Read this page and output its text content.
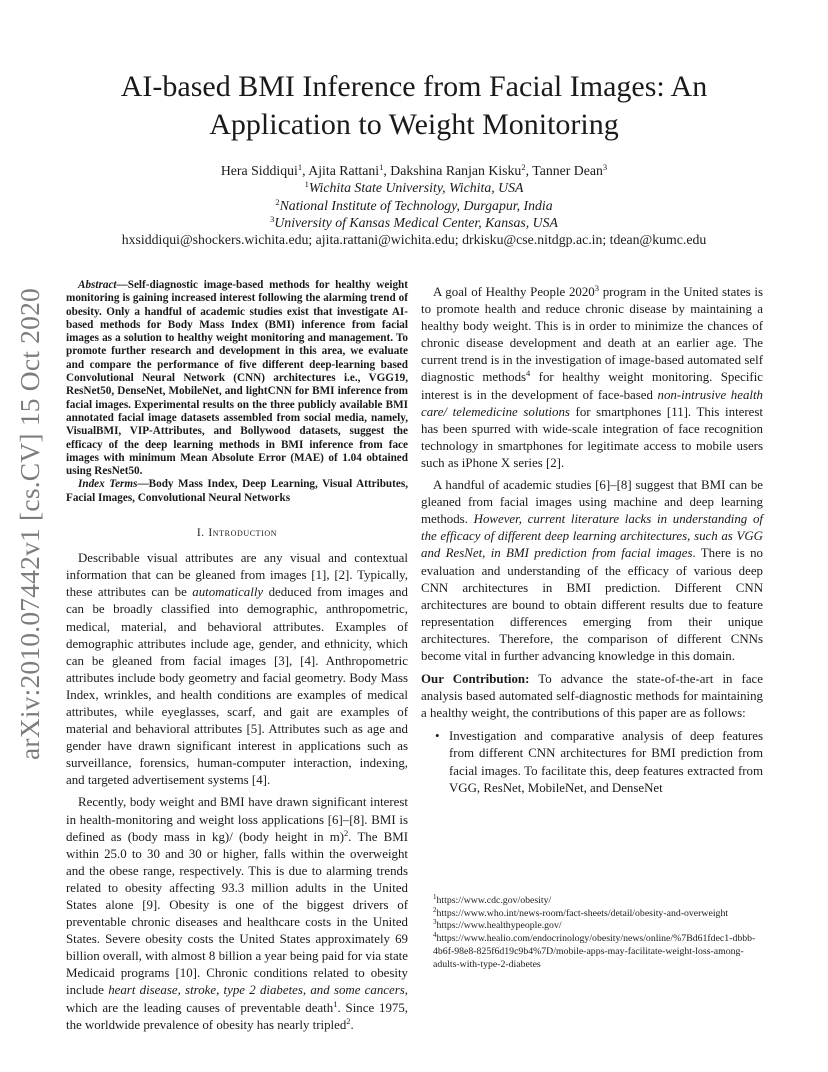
arXiv:2010.07442v1 [cs.CV] 15 Oct 2020
AI-based BMI Inference from Facial Images: An
Application to Weight Monitoring
Hera Siddiqui$^1$, Ajita Rattani$^1$, Dakshina Ranjan Kisku$^2$, Tanner Dean$^3$
$^1$Wichita State University, Wichita, USA
$^2$National Institute of Technology, Durgapur, India
$^3$University of Kansas Medical Center, Kansas, USA
hxsiddiqui@shockers.wichita.edu; ajita.rattani@wichita.edu; drkisku@cse.nitdgp.ac.in; tdean@kumc.edu

Abstract—Self-diagnostic image-based methods for healthy weight monitoring is gaining increased interest following the alarming trend of obesity. Only a handful of academic studies exist that investigate AI-based methods for Body Mass Index (BMI) inference from facial images as a solution to healthy weight monitoring and management. To promote further research and development in this area, we evaluate and compare the performance of five different deep-learning based Convolutional Neural Network (CNN) architectures i.e., VGG19, ResNet50, DenseNet, MobileNet, and lightCNN for BMI inference from facial images. Experimental results on the three publicly available BMI annotated facial image datasets assembled from social media, namely, VisualBMI, VIP-Attributes, and Bollywood datasets, suggest the efficacy of the deep learning methods in BMI inference from face images with minimum Mean Absolute Error (MAE) of 1.04 obtained using ResNet50.

Index Terms—Body Mass Index, Deep Learning, Visual Attributes, Facial Images, Convolutional Neural Networks

I. Introduction

Describable visual attributes are any visual and contextual information that can be gleaned from images [1], [2]. Typically, these attributes can be automatically deduced from images and can be broadly classified into demographic, anthropometric, medical, material, and behavioral attributes. Examples of demographic attributes include age, gender, and ethnicity, which can be gleaned from facial images [3], [4]. Anthropometric attributes include body geometry and facial geometry. Body Mass Index, wrinkles, and health conditions are examples of medical attributes, while eyeglasses, scarf, and gait are examples of material and behavioral attributes [5]. Attributes such as age and gender have drawn significant interest in applications such as surveillance, forensics, human-computer interaction, indexing, and targeted advertisement systems [4].

Recently, body weight and BMI have drawn significant interest in health-monitoring and weight loss applications [6]–[8]. BMI is defined as (body mass in kg)/ (body height in m)$^2$. The BMI within 25.0 to 30 and 30 or higher, falls within the overweight and the obese range, respectively. This is due to alarming trends related to obesity affecting 93.3 million adults in the United States alone [9]. Obesity is one of the biggest drivers of preventable chronic diseases and healthcare costs in the United States. Severe obesity costs the United States approximately 69 billion overall, with almost 8 billion a year being paid for via state Medicaid programs [10]. Chronic conditions related to obesity include heart disease, stroke, type 2 diabetes, and some cancers, which are the leading causes of preventable death$^1$. Since 1975, the worldwide prevalence of obesity has nearly tripled$^2$.

A goal of Healthy People 2020$^3$ program in the United states is to promote health and reduce chronic disease by maintaining a healthy body weight. This is in order to minimize the chances of chronic disease development and death at an earlier age. The current trend is in the investigation of image-based automated self diagnostic methods$^4$ for healthy weight monitoring. Specific interest is in the development of face-based non-intrusive health care/ telemedicine solutions for smartphones [11]. This interest has been spurred with wide-scale integration of face recognition technology in smartphones for legitimate access to mobile users such as iPhone X series [2].

A handful of academic studies [6]–[8] suggest that BMI can be gleaned from facial images using machine and deep learning methods. However, current literature lacks in understanding of the efficacy of different deep learning architectures, such as VGG and ResNet, in BMI prediction from facial images. There is no evaluation and understanding of the efficacy of various deep CNN architectures in BMI prediction. Different CNN architectures are bound to obtain different results due to feature representation differences emerging from their unique architectures. Therefore, the comparison of different CNNs become vital in further advancing knowledge in this domain.

Our Contribution: To advance the state-of-the-art in face analysis based automated self-diagnostic methods for maintaining a healthy weight, the contributions of this paper are as follows:

• Investigation and comparative analysis of deep features from different CNN architectures for BMI prediction from facial images. To facilitate this, deep features extracted from VGG, ResNet, MobileNet, and DenseNet
$^1$https://www.cdc.gov/obesity/
$^2$https://www.who.int/news-room/fact-sheets/detail/obesity-and-overweight
$^3$https://www.healthypeople.gov/
$^4$https://www.healio.com/endocrinology/obesity/news/online/%7Bd61fdec1-dbbb-4b6f-98e8-825f6d19c9b4%7D/mobile-apps-may-facilitate-weight-loss-among-adults-with-type-2-diabetes
